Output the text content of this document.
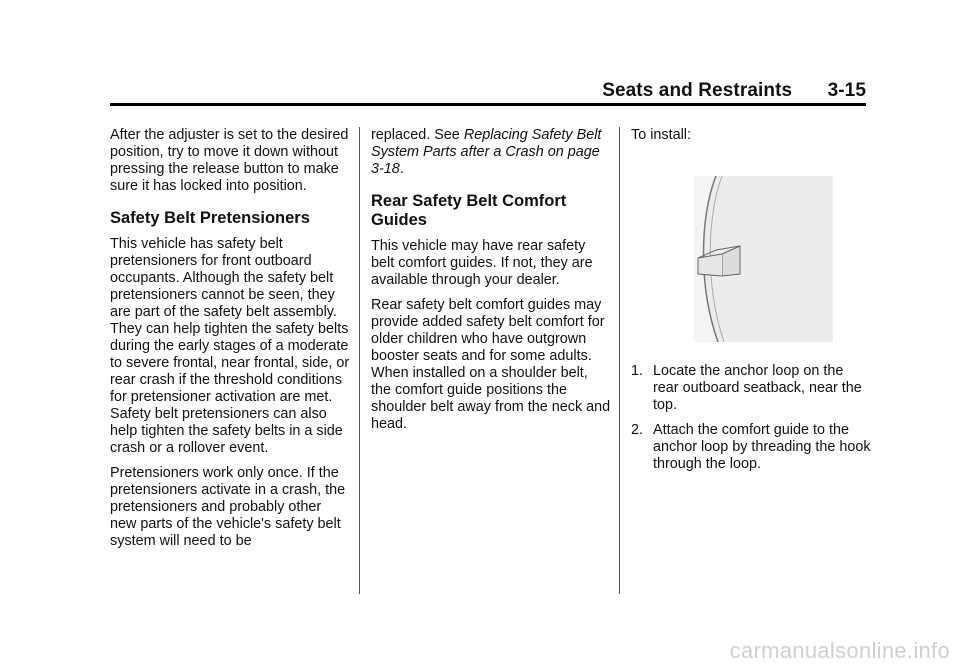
Seats and Restraints 3-15

After the adjuster is set to the desired position, try to move it down without pressing the release button to make sure it has locked into position.

Safety Belt Pretensioners

This vehicle has safety belt pretensioners for front outboard occupants. Although the safety belt pretensioners cannot be seen, they are part of the safety belt assembly. They can help tighten the safety belts during the early stages of a moderate to severe frontal, near frontal, side, or rear crash if the threshold conditions for pretensioner activation are met. Safety belt pretensioners can also help tighten the safety belts in a side crash or a rollover event.

Pretensioners work only once. If the pretensioners activate in a crash, the pretensioners and probably other new parts of the vehicle's safety belt system will need to be

replaced. See Replacing Safety Belt System Parts after a Crash on page 3-18.

Rear Safety Belt Comfort Guides

This vehicle may have rear safety belt comfort guides. If not, they are available through your dealer.

Rear safety belt comfort guides may provide added safety belt comfort for older children who have outgrown booster seats and for some adults. When installed on a shoulder belt, the comfort guide positions the shoulder belt away from the neck and head.

To install:

1. Locate the anchor loop on the rear outboard seatback, near the top.
2. Attach the comfort guide to the anchor loop by threading the hook through the loop.
carmanualsonline.info
